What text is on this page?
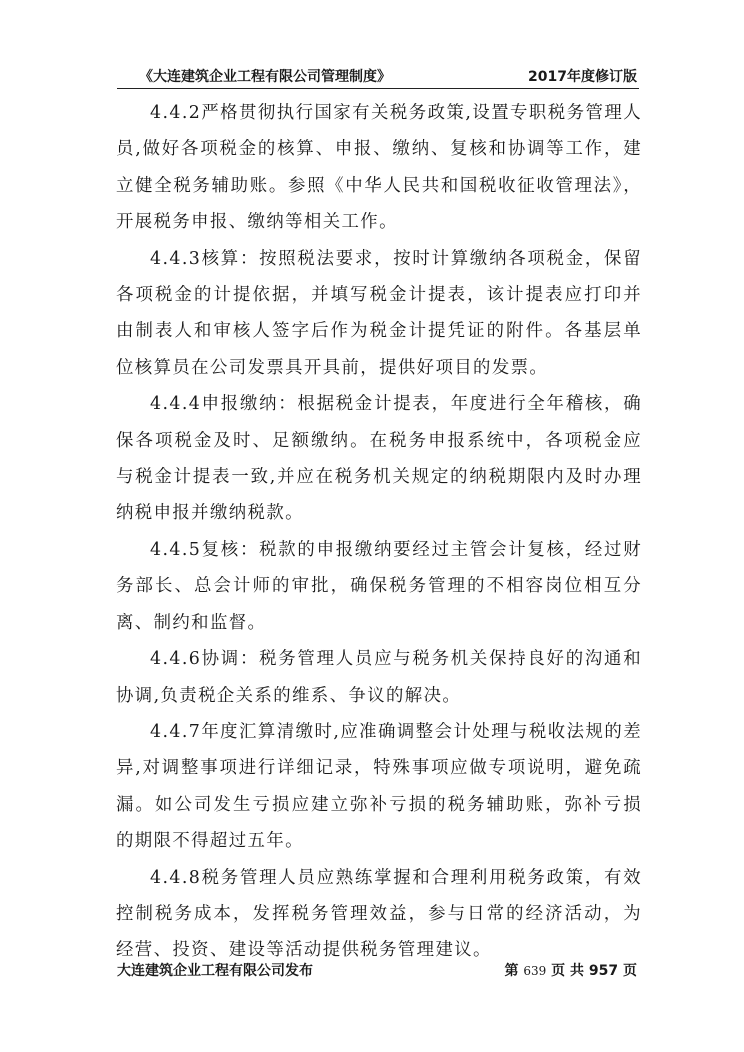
《大连建筑企业工程有限公司管理制度》	2017年度修订版

4.4.2严格贯彻执行国家有关税务政策,设置专职税务管理人员,做好各项税金的核算、申报、缴纳、复核和协调等工作，建立健全税务辅助账。参照《中华人民共和国税收征收管理法》，开展税务申报、缴纳等相关工作。

4.4.3核算：按照税法要求，按时计算缴纳各项税金，保留各项税金的计提依据，并填写税金计提表，该计提表应打印并由制表人和审核人签字后作为税金计提凭证的附件。各基层单位核算员在公司发票具开具前，提供好项目的发票。

4.4.4申报缴纳：根据税金计提表，年度进行全年稽核，确保各项税金及时、足额缴纳。在税务申报系统中，各项税金应与税金计提表一致,并应在税务机关规定的纳税期限内及时办理纳税申报并缴纳税款。

4.4.5复核：税款的申报缴纳要经过主管会计复核，经过财务部长、总会计师的审批，确保税务管理的不相容岗位相互分离、制约和监督。

4.4.6协调：税务管理人员应与税务机关保持良好的沟通和协调,负责税企关系的维系、争议的解决。

4.4.7年度汇算清缴时,应准确调整会计处理与税收法规的差异,对调整事项进行详细记录，特殊事项应做专项说明，避免疏漏。如公司发生亏损应建立弥补亏损的税务辅助账，弥补亏损的期限不得超过五年。

4.4.8税务管理人员应熟练掌握和合理利用税务政策，有效控制税务成本，发挥税务管理效益，参与日常的经济活动，为经营、投资、建设等活动提供税务管理建议。

大连建筑企业工程有限公司发布	第 639 页 共 957 页
